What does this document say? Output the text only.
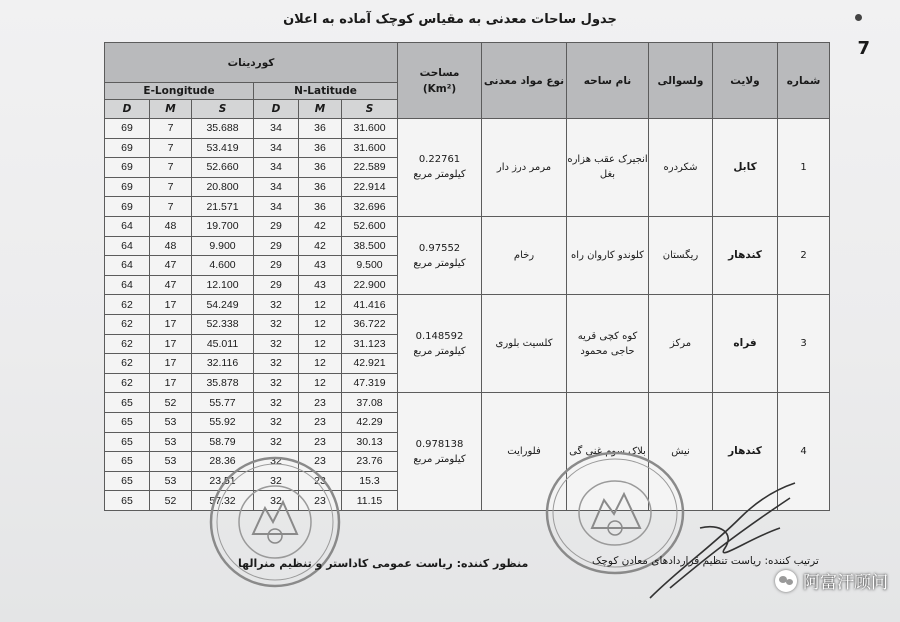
جدول ساحات معدنی به مقیاس کوچک آماده به اعلان
7
کوردینات						مساحت
(Km²)	نوع مواد معدنی	نام ساحه	ولسوالی	ولایت	شماره
E-Longitude			N-Latitude								
D	M	S	D	M	S						
69	7	35.688	34	36	31.600	0.22761
کیلومتر مربع	مرمر درز دار	انجیرک عقب هزاره بغل	شکردره	کابل	1
69	7	53.419	34	36	31.600						
69	7	52.660	34	36	22.589						
69	7	20.800	34	36	22.914						
69	7	21.571	34	36	32.696						
64	48	19.700	29	42	52.600	0.97552
کیلومتر مربع	رخام	کلوندو کاروان راه	ریگستان	کندهار	2
64	48	9.900	29	42	38.500						
64	47	4.600	29	43	9.500						
64	47	12.100	29	43	22.900						
62	17	54.249	32	12	41.416	0.148592
کیلومتر مربع	کلسیت بلوری	کوه کچی قریه حاجی محمود	مرکز	فراه	3
62	17	52.338	32	12	36.722						
62	17	45.011	32	12	31.123						
62	17	32.116	32	12	42.921						
62	17	35.878	32	12	47.319						
65	52	55.77	32	23	37.08	0.978138
کیلومتر مربع	فلورایت	بلاک سوم غنی گی	نیش	کندهار	4
65	53	55.92	32	23	42.29						
65	53	58.79	32	23	30.13						
65	53	28.36	32	23	23.76						
65	53	23.51	32	23	15.3						
65	52	57.32	32	23	11.15						
منظور کننده: ریاست عمومی کاداستر و تنظیم منرالها	ترتیب کننده: ریاست تنظیم قراردادهای معادن کوچک
阿富汗顾问
